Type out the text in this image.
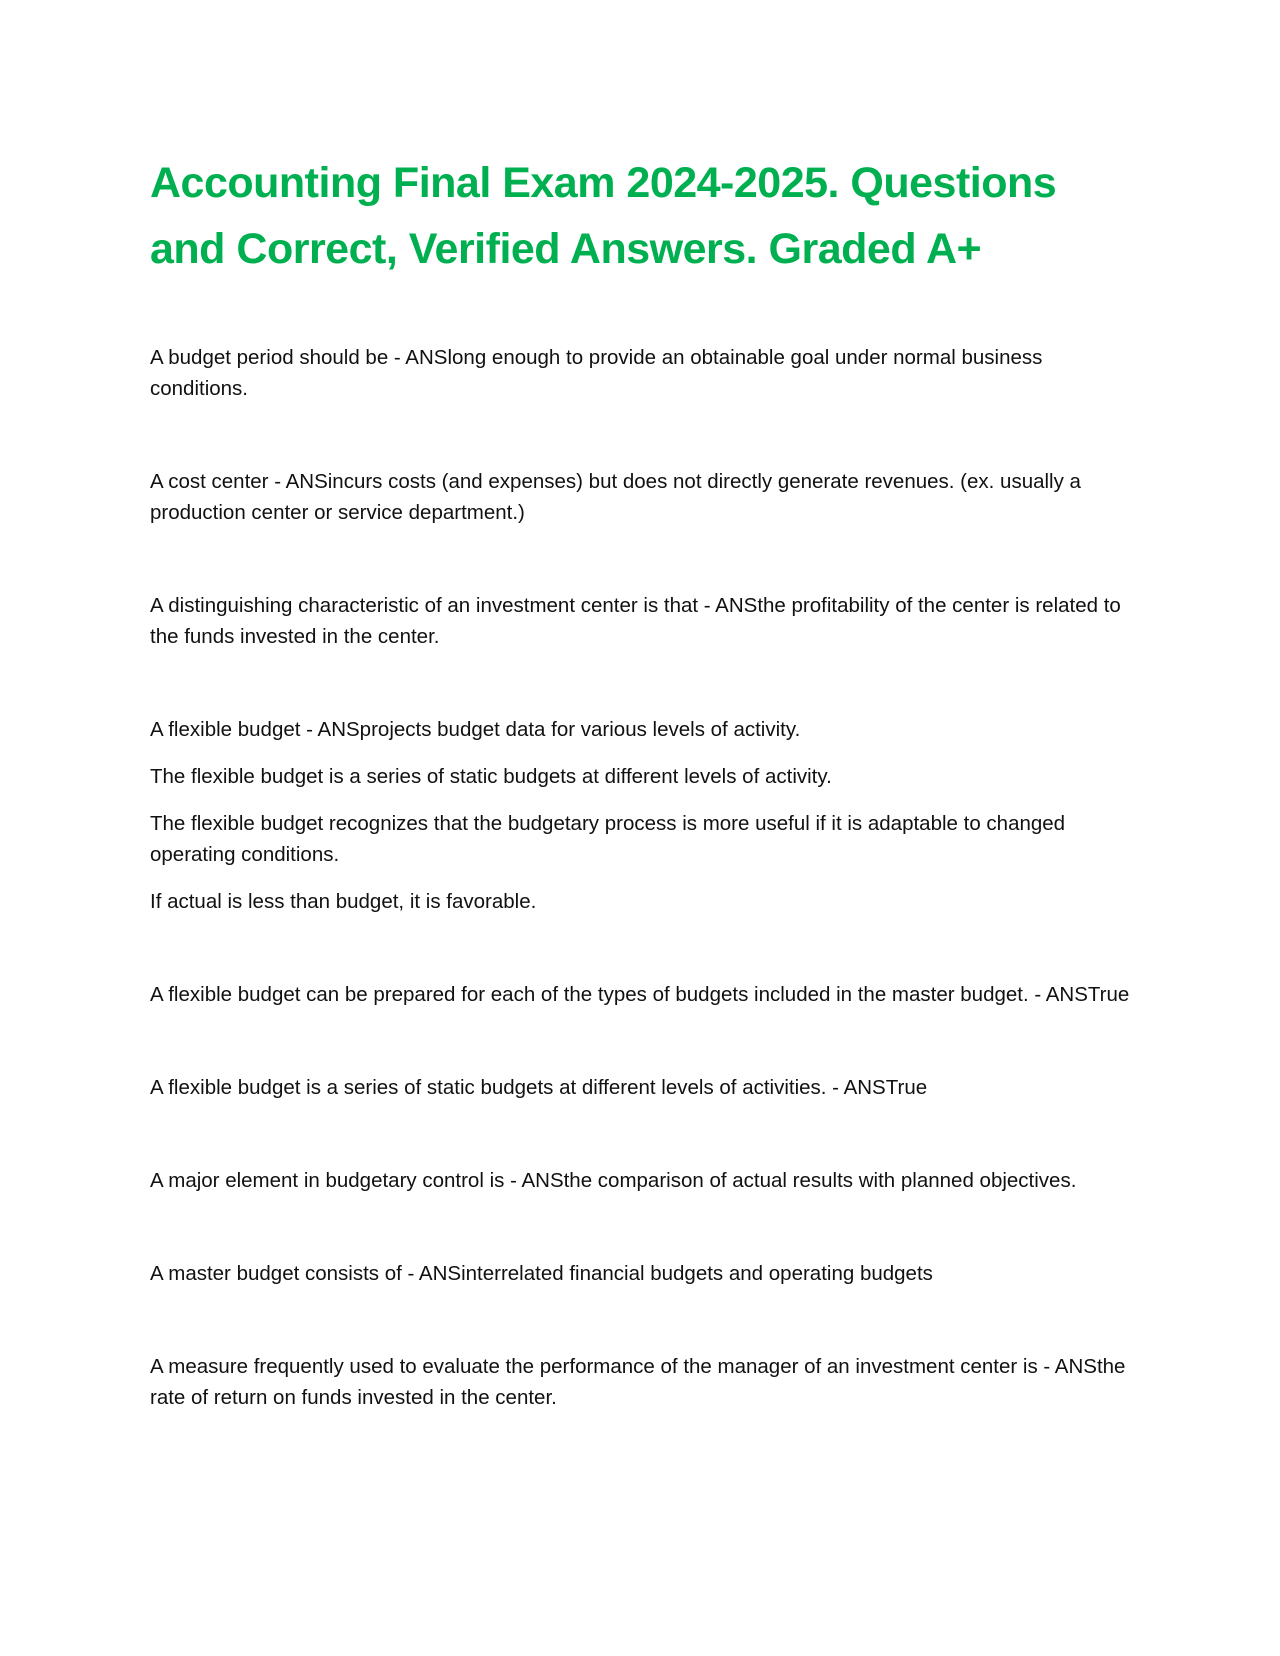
Accounting Final Exam 2024-2025. Questions and Correct, Verified Answers. Graded A+

A budget period should be - ANSlong enough to provide an obtainable goal under normal business conditions.

A cost center - ANSincurs costs (and expenses) but does not directly generate revenues. (ex. usually a production center or service department.)

A distinguishing characteristic of an investment center is that - ANSthe profitability of the center is related to the funds invested in the center.

A flexible budget - ANSprojects budget data for various levels of activity.

The flexible budget is a series of static budgets at different levels of activity.

The flexible budget recognizes that the budgetary process is more useful if it is adaptable to changed operating conditions.

If actual is less than budget, it is favorable.

A flexible budget can be prepared for each of the types of budgets included in the master budget. - ANSTrue

A flexible budget is a series of static budgets at different levels of activities. - ANSTrue

A major element in budgetary control is - ANSthe comparison of actual results with planned objectives.

A master budget consists of - ANSinterrelated financial budgets and operating budgets

A measure frequently used to evaluate the performance of the manager of an investment center is - ANSthe rate of return on funds invested in the center.
